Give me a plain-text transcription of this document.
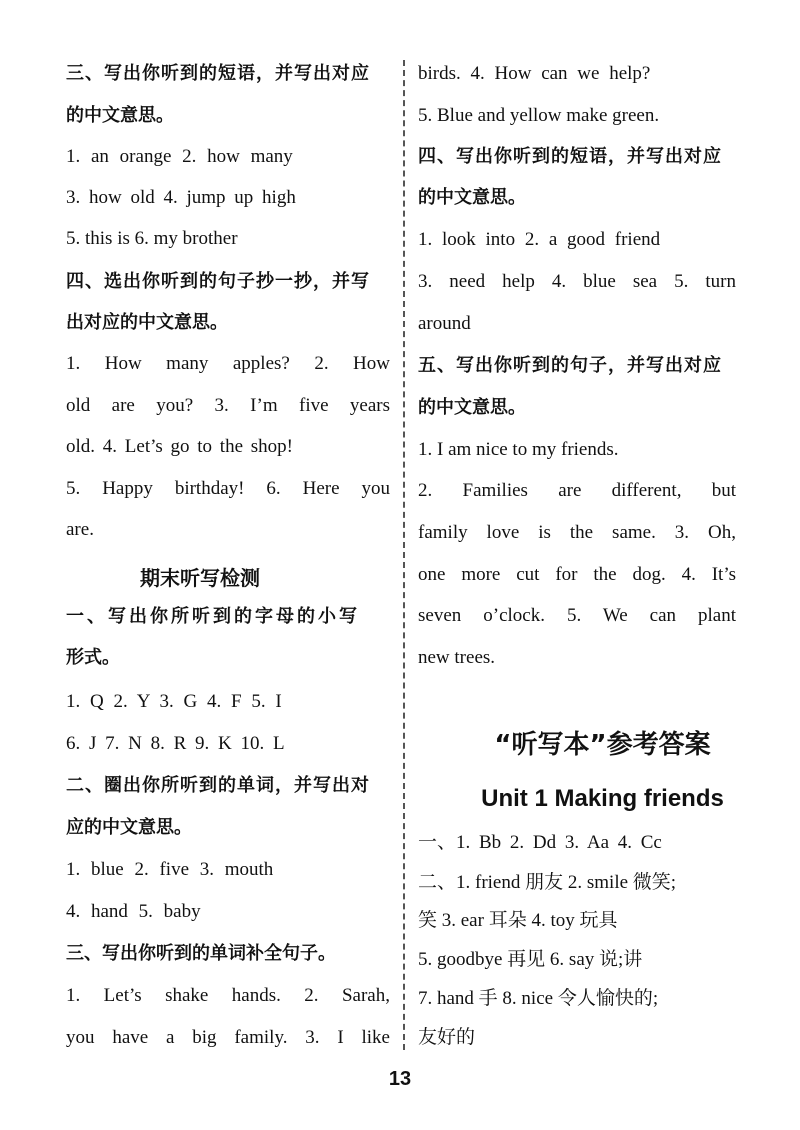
三、写出你听到的短语，并写出对应
的中文意思。
1. an orange 2. how many
3. how old 4. jump up high
5. this is 6. my brother
四、选出你听到的句子抄一抄，并写
出对应的中文意思。
1. How many apples? 2. How
old are you? 3. I’m five years
old. 4. Let’s go to the shop!
5. Happy birthday! 6. Here you
are.
期末听写检测
一、写出你所听到的字母的小写
形式。
1. Q 2. Y 3. G 4. F 5. I
6. J 7. N 8. R 9. K 10. L
二、圈出你所听到的单词，并写出对
应的中文意思。
1. blue 2. five 3. mouth
4. hand 5. baby
三、写出你听到的单词补全句子。
1. Let’s shake hands. 2. Sarah,
you have a big family. 3. I like
birds. 4. How can we help?
5. Blue and yellow make green.
四、写出你听到的短语，并写出对应
的中文意思。
1. look into 2. a good friend
3. need help 4. blue sea 5. turn
around
五、写出你听到的句子，并写出对应
的中文意思。
1. I am nice to my friends.
2. Families are different, but
family love is the same. 3. Oh,
one more cut for the dog. 4. It’s
seven o’clock. 5. We can plant
new trees.
“听写本”参考答案
Unit 1 Making friends
一、1. Bb 2. Dd 3. Aa 4. Cc
二、1. friend 朋友 2. smile 微笑;
笑 3. ear 耳朵 4. toy 玩具
5. goodbye 再见 6. say 说;讲
7. hand 手 8. nice 令人愉快的;
友好的
13
